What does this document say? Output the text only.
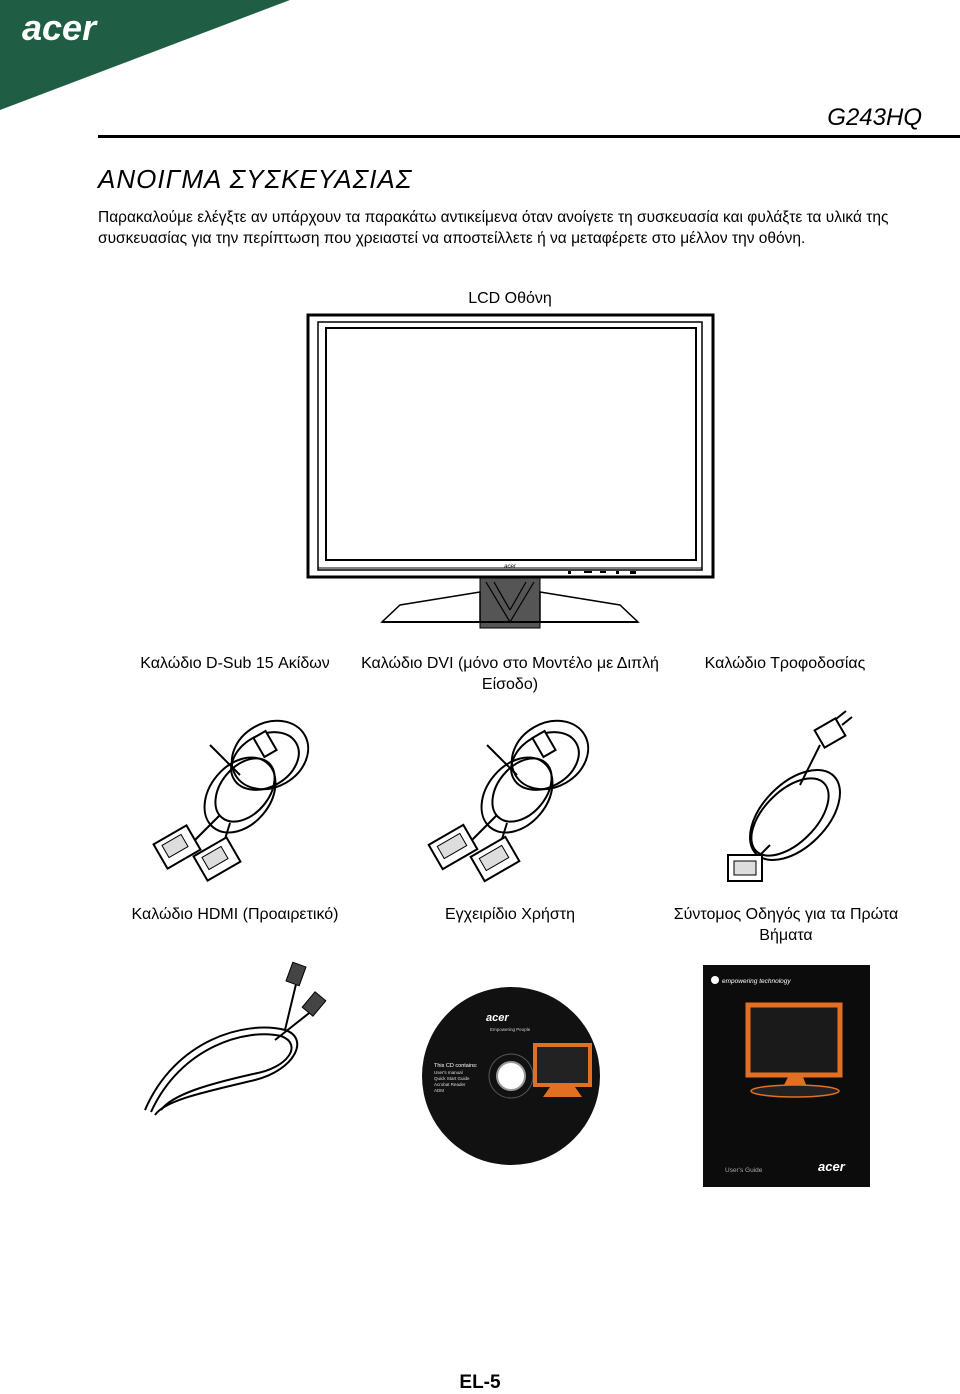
acer
G243HQ
ΑΝΟΙΓΜΑ ΣΥΣΚΕΥΑΣΙΑΣ
Παρακαλούμε ελέγξτε αν υπάρχουν τα παρακάτω αντικείμενα όταν ανοίγετε τη συσκευασία και φυλάξτε τα υλικά της συσκευασίας για την περίπτωση που χρειαστεί να αποστείλλετε ή να μεταφέρετε στο μέλλον την οθόνη.
LCD Οθόνη
acer
Καλώδιο D-Sub 15 Ακίδων	Καλώδιο DVI (μόνο στο Μοντέλο με Διπλή Είσοδο)
Καλώδιο Τροφοδοσίας
Καλώδιο HDMI (Προαιρετικό)	Εγχειρίδιο Χρήστη	Σύντομος Οδηγός για τα Πρώτα Βήματα
acer
Empowering People
This CD contains:
User's manual
Quick Start Guide
Acrobat Reader
ADM
empowering technology
User's Guide	acer
EL-5
